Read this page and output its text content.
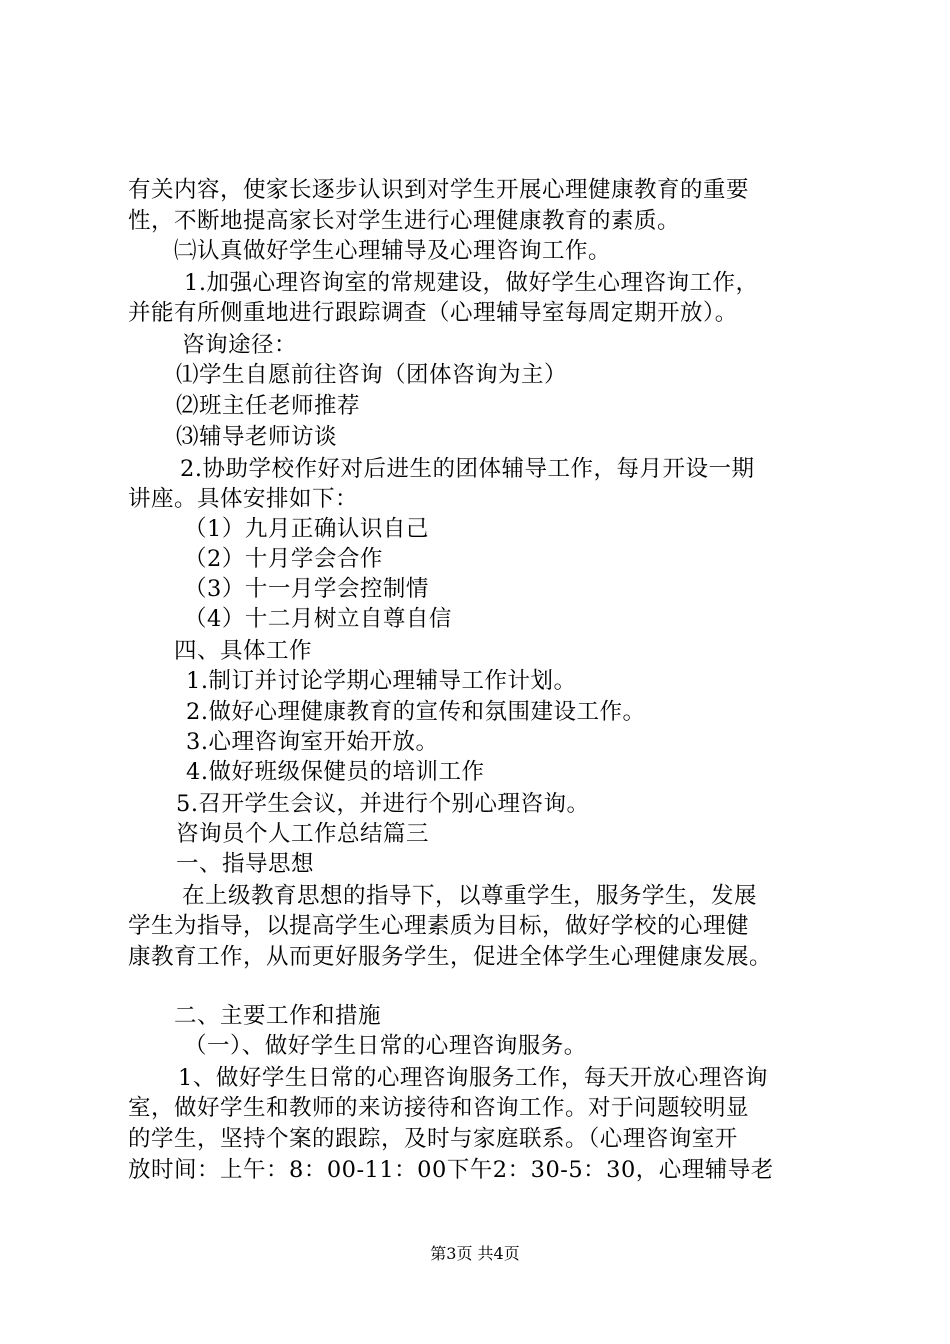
有关内容，使家长逐步认识到对学生开展心理健康教育的重要
性，不断地提高家长对学生进行心理健康教育的素质。
㈡认真做好学生心理辅导及心理咨询工作。
1.加强心理咨询室的常规建设，做好学生心理咨询工作，
并能有所侧重地进行跟踪调查（心理辅导室每周定期开放）。
咨询途径：
⑴学生自愿前往咨询（团体咨询为主）
⑵班主任老师推荐
⑶辅导老师访谈
2.协助学校作好对后进生的团体辅导工作，每月开设一期
讲座。具体安排如下：
（1）九月正确认识自己
（2）十月学会合作
（3）十一月学会控制情
（4）十二月树立自尊自信
四、具体工作
1.制订并讨论学期心理辅导工作计划。
2.做好心理健康教育的宣传和氛围建设工作。
3.心理咨询室开始开放。
4.做好班级保健员的培训工作
5.召开学生会议，并进行个别心理咨询。
咨询员个人工作总结篇三
一、指导思想
在上级教育思想的指导下，以尊重学生，服务学生，发展
学生为指导，以提高学生心理素质为目标，做好学校的心理健
康教育工作，从而更好服务学生，促进全体学生心理健康发展。
二、主要工作和措施
（一）、做好学生日常的心理咨询服务。
1、做好学生日常的心理咨询服务工作，每天开放心理咨询
室，做好学生和教师的来访接待和咨询工作。对于问题较明显
的学生，坚持个案的跟踪，及时与家庭联系。（心理咨询室开
放时间：上午：8：00-11：00下午2：30-5：30，心理辅导老
第3页 共4页
